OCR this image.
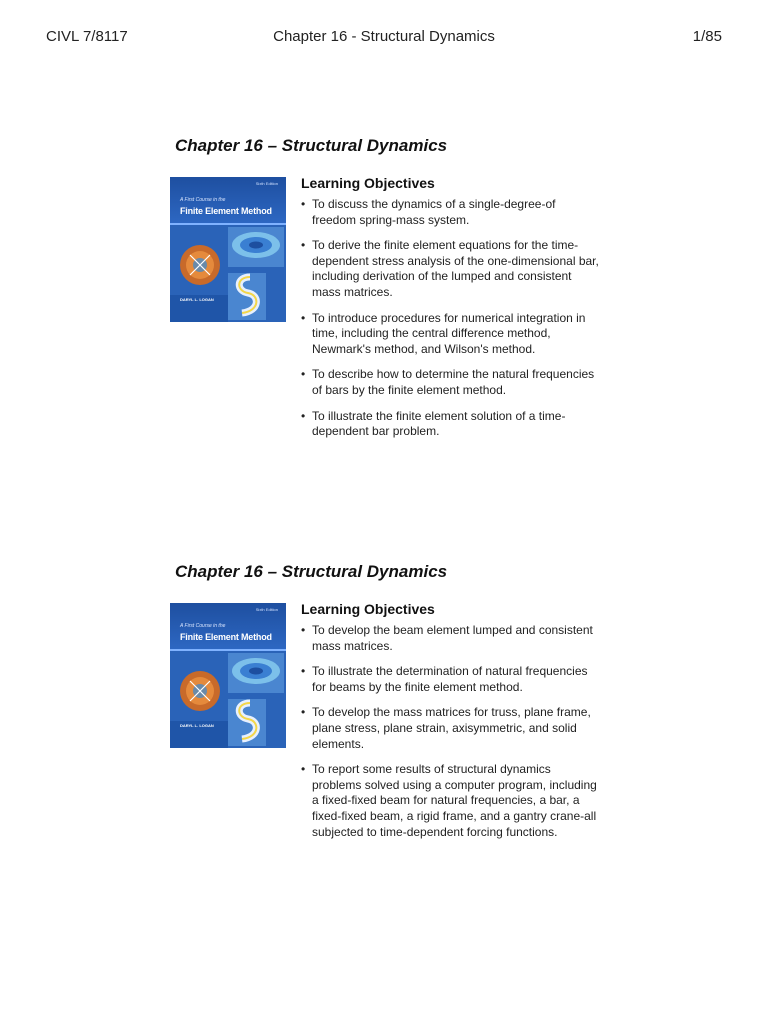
CIVL 7/8117	Chapter 16 - Structural Dynamics	1/85
Chapter 16 – Structural Dynamics
Sixth Edition
A First Course in the
Finite Element Method
DARYL L. LOGAN
Learning Objectives
• To discuss the dynamics of a single-degree-of freedom spring-mass system.
• To derive the finite element equations for the time-dependent stress analysis of the one-dimensional bar, including derivation of the lumped and consistent mass matrices.
• To introduce procedures for numerical integration in time, including the central difference method, Newmark's method, and Wilson's method.
• To describe how to determine the natural frequencies of bars by the finite element method.
• To illustrate the finite element solution of a time-dependent bar problem.
Chapter 16 – Structural Dynamics
Sixth Edition
A First Course in the
Finite Element Method
DARYL L. LOGAN
Learning Objectives
• To develop the beam element lumped and consistent mass matrices.
• To illustrate the determination of natural frequencies for beams by the finite element method.
• To develop the mass matrices for truss, plane frame, plane stress, plane strain, axisymmetric, and solid elements.
• To report some results of structural dynamics problems solved using a computer program, including a fixed-fixed beam for natural frequencies, a bar, a fixed-fixed beam, a rigid frame, and a gantry crane-all subjected to time-dependent forcing functions.
